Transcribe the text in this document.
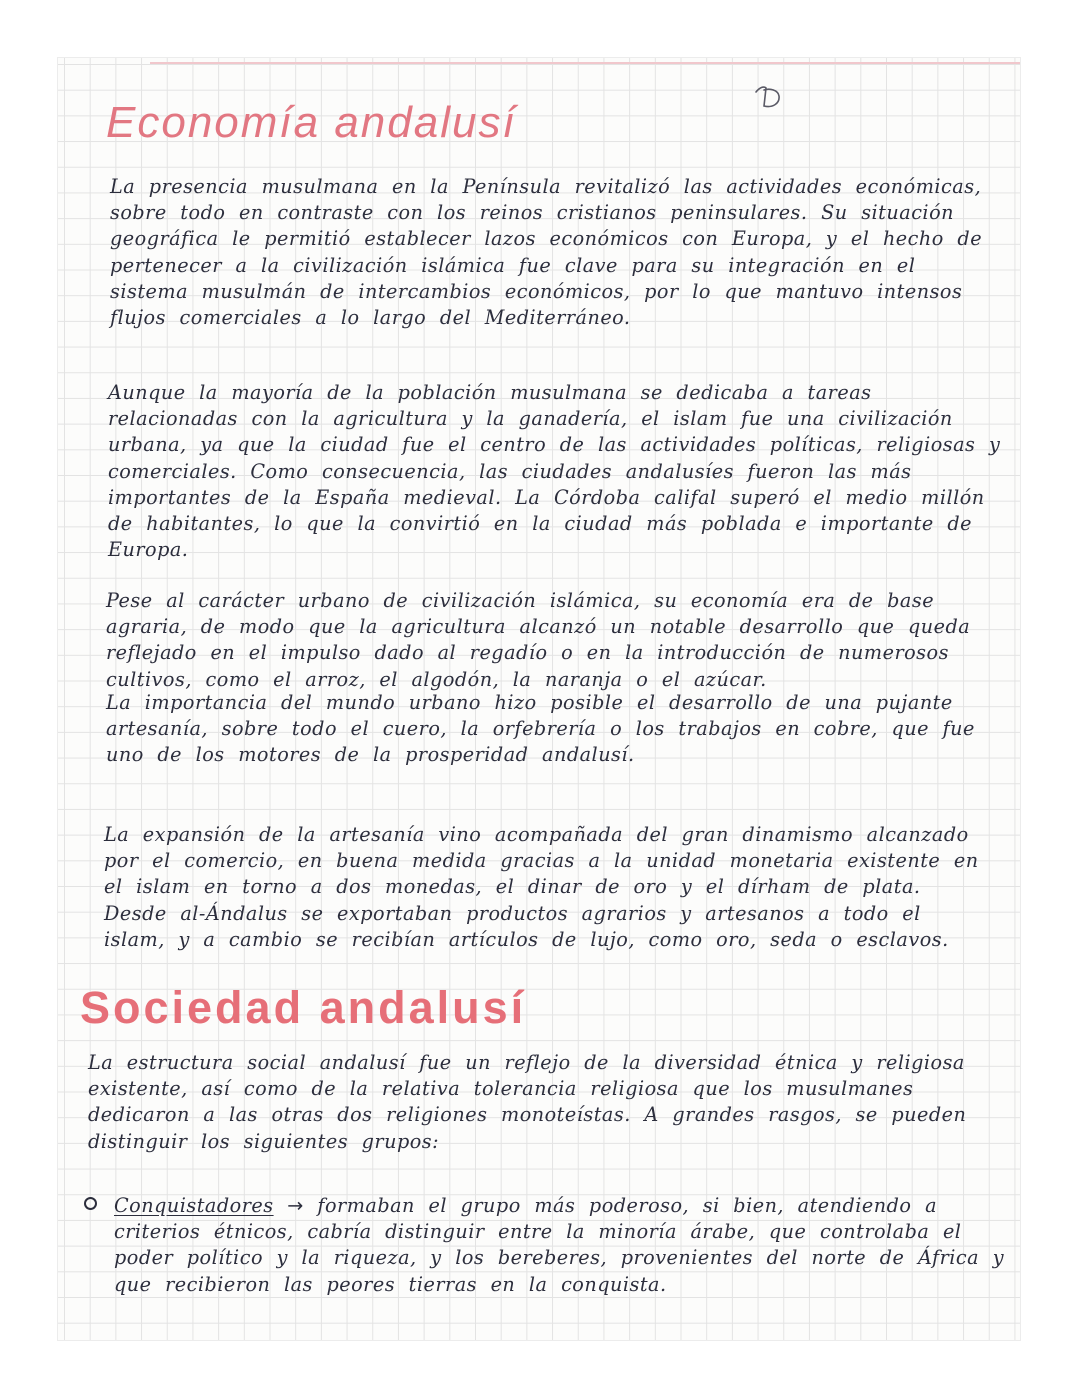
Economía andalusí

La presencia musulmana en la Península revitalizó las actividades económicas, sobre todo en contraste con los reinos cristianos peninsulares. Su situación geográfica le permitió establecer lazos económicos con Europa, y el hecho de pertenecer a la civilización islámica fue clave para su integración en el sistema musulmán de intercambios económicos, por lo que mantuvo intensos flujos comerciales a lo largo del Mediterráneo.

Aunque la mayoría de la población musulmana se dedicaba a tareas relacionadas con la agricultura y la ganadería, el islam fue una civilización urbana, ya que la ciudad fue el centro de las actividades políticas, religiosas y comerciales. Como consecuencia, las ciudades andalusíes fueron las más importantes de la España medieval. La Córdoba califal superó el medio millón de habitantes, lo que la convirtió en la ciudad más poblada e importante de Europa.

Pese al carácter urbano de civilización islámica, su economía era de base agraria, de modo que la agricultura alcanzó un notable desarrollo que queda reflejado en el impulso dado al regadío o en la introducción de numerosos cultivos, como el arroz, el algodón, la naranja o el azúcar.

La importancia del mundo urbano hizo posible el desarrollo de una pujante artesanía, sobre todo el cuero, la orfebrería o los trabajos en cobre, que fue uno de los motores de la prosperidad andalusí.

La expansión de la artesanía vino acompañada del gran dinamismo alcanzado por el comercio, en buena medida gracias a la unidad monetaria existente en el islam en torno a dos monedas, el dinar de oro y el dírham de plata. Desde al-Ándalus se exportaban productos agrarios y artesanos a todo el islam, y a cambio se recibían artículos de lujo, como oro, seda o esclavos.

Sociedad andalusí

La estructura social andalusí fue un reflejo de la diversidad étnica y religiosa existente, así como de la relativa tolerancia religiosa que los musulmanes dedicaron a las otras dos religiones monoteístas. A grandes rasgos, se pueden distinguir los siguientes grupos:

Conquistadores → formaban el grupo más poderoso, si bien, atendiendo a criterios étnicos, cabría distinguir entre la minoría árabe, que controlaba el poder político y la riqueza, y los bereberes, provenientes del norte de África y que recibieron las peores tierras en la conquista.
